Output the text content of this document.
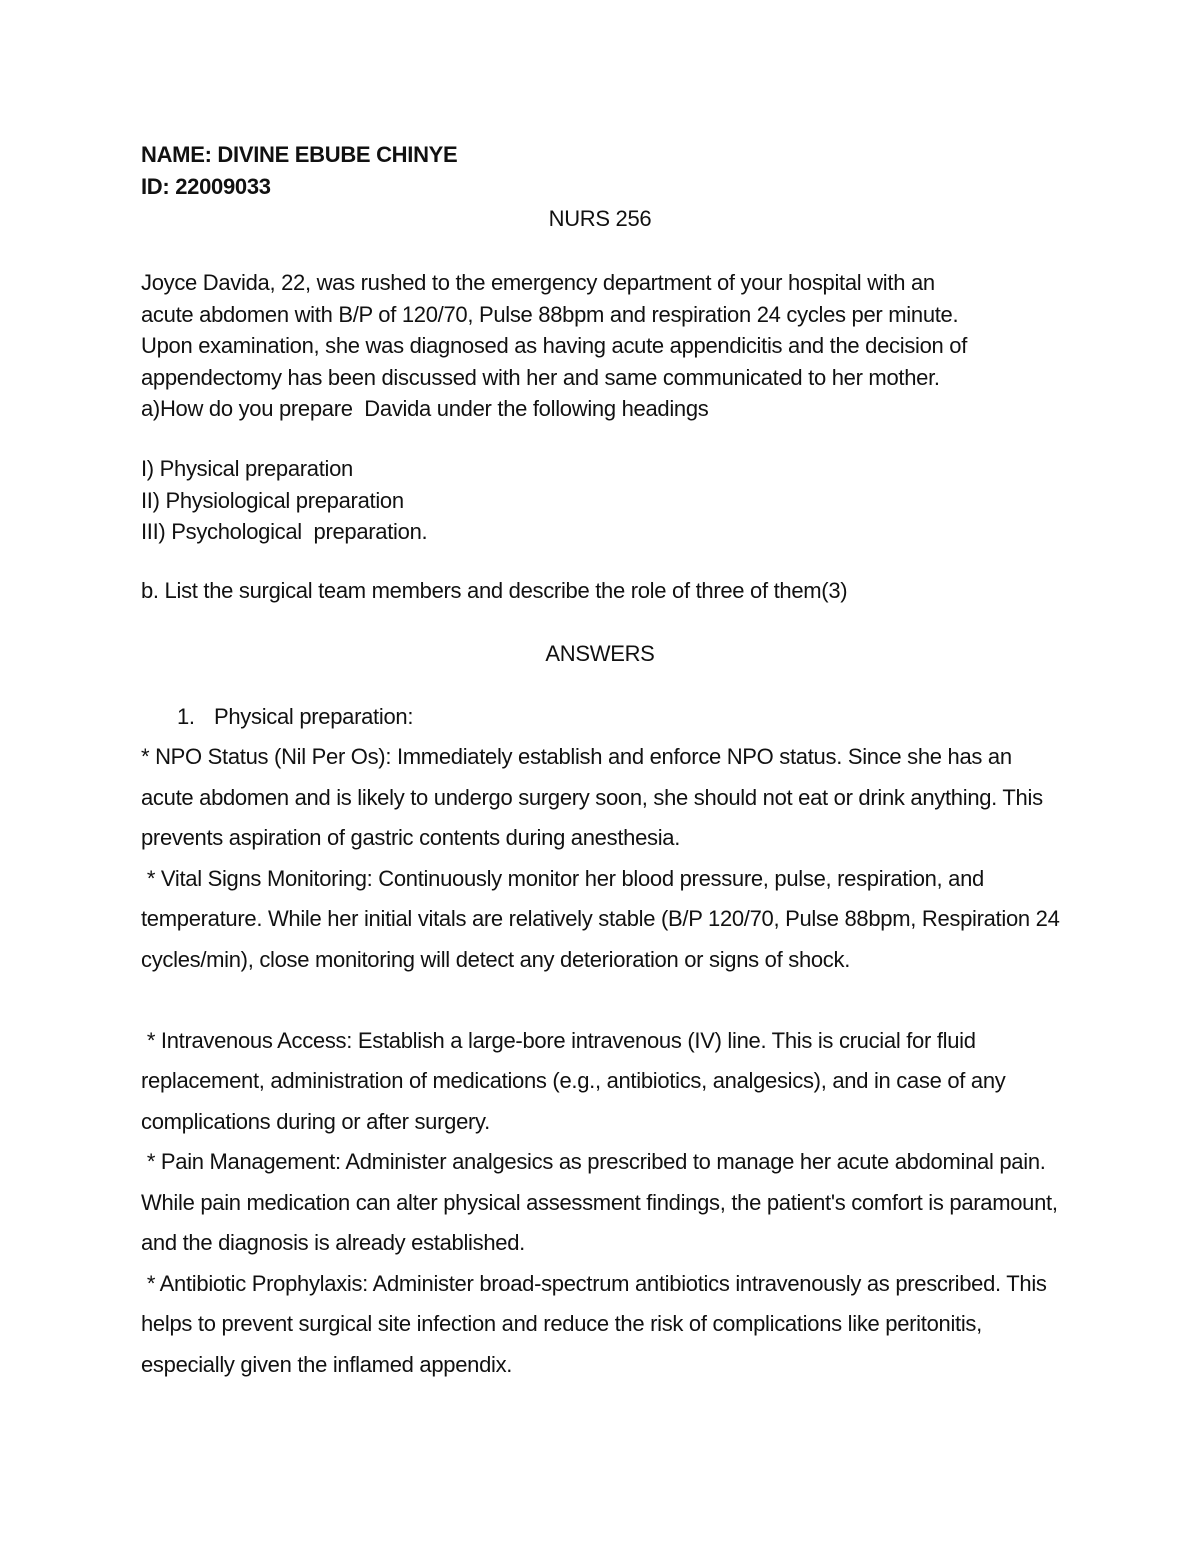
NAME: DIVINE EBUBE CHINYE
ID: 22009033
NURS 256
Joyce Davida, 22, was rushed to the emergency department of your hospital with an
acute abdomen with B/P of 120/70, Pulse 88bpm and respiration 24 cycles per minute.
Upon examination, she was diagnosed as having acute appendicitis and the decision of
appendectomy has been discussed with her and same communicated to her mother.
a)How do you prepare  Davida under the following headings
I) Physical preparation
II) Physiological preparation
III) Psychological  preparation.
b. List the surgical team members and describe the role of three of them(3)
ANSWERS
1. Physical preparation:
* NPO Status (Nil Per Os): Immediately establish and enforce NPO status. Since she has an acute abdomen and is likely to undergo surgery soon, she should not eat or drink anything. This prevents aspiration of gastric contents during anesthesia.
* Vital Signs Monitoring: Continuously monitor her blood pressure, pulse, respiration, and temperature. While her initial vitals are relatively stable (B/P 120/70, Pulse 88bpm, Respiration 24 cycles/min), close monitoring will detect any deterioration or signs of shock.
* Intravenous Access: Establish a large-bore intravenous (IV) line. This is crucial for fluid replacement, administration of medications (e.g., antibiotics, analgesics), and in case of any complications during or after surgery.
* Pain Management: Administer analgesics as prescribed to manage her acute abdominal pain. While pain medication can alter physical assessment findings, the patient's comfort is paramount, and the diagnosis is already established.
* Antibiotic Prophylaxis: Administer broad-spectrum antibiotics intravenously as prescribed. This helps to prevent surgical site infection and reduce the risk of complications like peritonitis, especially given the inflamed appendix.
